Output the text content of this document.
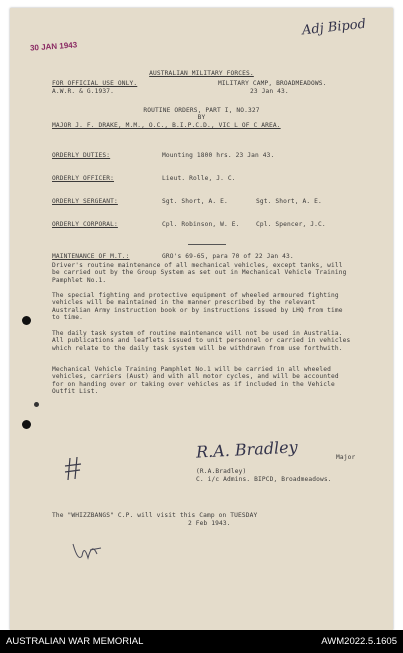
30 JAN 1943
Adj Bipod
AUSTRALIAN MILITARY FORCES.
FOR OFFICIAL USE ONLY.
A.W.R. & G.1937.
MILITARY CAMP, BROADMEADOWS.
23 Jan 43.
ROUTINE ORDERS, PART I, NO.327
BY
MAJOR J. F. DRAKE, M.M., O.C., B.I.P.C.D., VIC L OF C AREA.
ORDERLY DUTIES:	Mounting 1800 hrs. 23 Jan 43.
ORDERLY OFFICER:	Lieut. Rolle, J. C.
ORDERLY SERGEANT:	Sgt. Short, A. E.	Sgt. Short, A. E.
ORDERLY CORPORAL:	Cpl. Robinson, W. E.	Cpl. Spencer, J.C.
MAINTENANCE OF M.T.:	GRO's 69-65, para 70 of 22 Jan 43.
Driver's routine maintenance of all mechanical vehicles, except tanks, will be carried out by the Group System as set out in Mechanical Vehicle Training Pamphlet No.1.
The special fighting and protective equipment of wheeled armoured fighting vehicles will be maintained in the manner prescribed by the relevant Australian Army instruction book or by instructions issued by LHQ from time to time.
The daily task system of routine maintenance will not be used in Australia. All publications and leaflets issued to unit personnel or carried in vehicles which relate to the daily task system will be withdrawn from use forthwith.
Mechanical Vehicle Training Pamphlet No.1 will be carried in all wheeled vehicles, carriers (Aust) and with all motor cycles, and will be accounted for on handing over or taking over vehicles as if included in the Vehicle Outfit List.
R.A. Bradley	Major
(R.A.Bradley)
C. i/c Admins. BIPCD, Broadmeadows.
The "WHIZZBANGS" C.P. will visit this Camp on TUESDAY
2 Feb 1943.
AUSTRALIAN WAR MEMORIAL	AWM2022.5.1605
